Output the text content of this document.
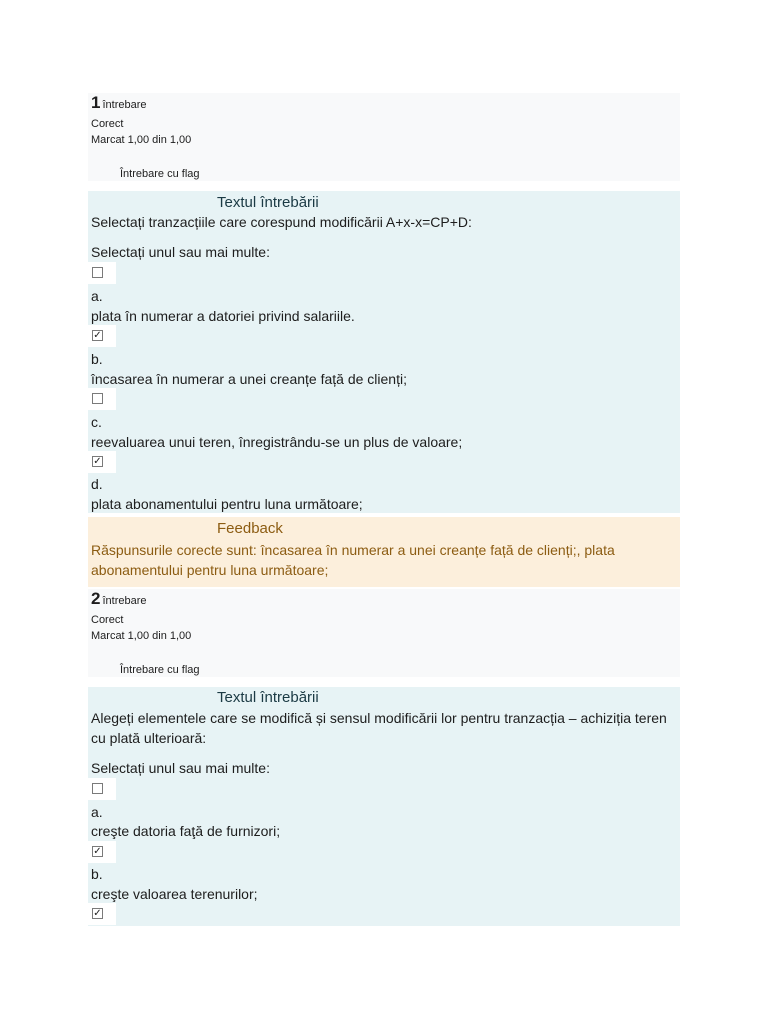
1 întrebare
Corect
Marcat 1,00 din 1,00
Întrebare cu flag
Textul întrebării
Selectați tranzacțiile care corespund modificării A+x-x=CP+D:
Selectați unul sau mai multe:
a.
plata în numerar a datoriei privind salariile.
✓
b.
încasarea în numerar a unei creanțe față de clienți;
c.
reevaluarea unui teren, înregistrându-se un plus de valoare;
✓
d.
plata abonamentului pentru luna următoare;
Feedback
Răspunsurile corecte sunt: încasarea în numerar a unei creanțe față de clienți;, plata abonamentului pentru luna următoare;
2 întrebare
Corect
Marcat 1,00 din 1,00
Întrebare cu flag
Textul întrebării
Alegeți elementele care se modifică și sensul modificării lor pentru tranzacția – achiziția teren cu plată ulterioară:
Selectați unul sau mai multe:
a.
creşte datoria faţă de furnizori;
✓
b.
creşte valoarea terenurilor;
✓
